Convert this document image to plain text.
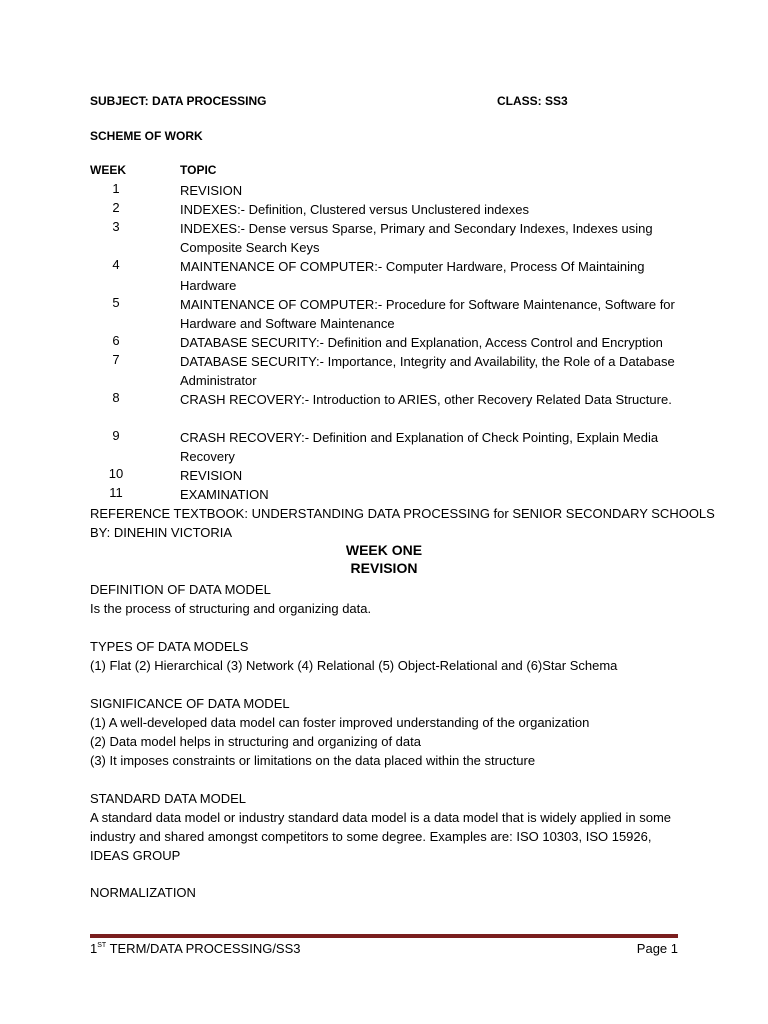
SUBJECT: DATA PROCESSING	CLASS: SS3
SCHEME OF WORK
WEEK	TOPIC
1	REVISION
2	INDEXES:- Definition, Clustered versus Unclustered indexes
3	INDEXES:- Dense versus Sparse, Primary and Secondary Indexes, Indexes using Composite Search Keys
4	MAINTENANCE OF COMPUTER:- Computer Hardware, Process Of Maintaining Hardware
5	MAINTENANCE OF COMPUTER:- Procedure for Software Maintenance, Software for Hardware and Software Maintenance
6	DATABASE SECURITY:- Definition and Explanation, Access Control and Encryption
7	DATABASE SECURITY:- Importance, Integrity and Availability, the Role of a Database Administrator
8	CRASH RECOVERY:- Introduction to ARIES, other Recovery Related Data Structure.
9	CRASH RECOVERY:- Definition and Explanation of Check Pointing, Explain Media Recovery
10	REVISION
11	EXAMINATION
REFERENCE TEXTBOOK: UNDERSTANDING DATA PROCESSING for SENIOR SECONDARY SCHOOLS
BY: DINEHIN VICTORIA
WEEK ONE
REVISION
DEFINITION OF DATA MODEL
Is the process of structuring and organizing data.
TYPES OF DATA MODELS
(1) Flat (2) Hierarchical (3) Network (4) Relational (5) Object-Relational and (6)Star Schema
SIGNIFICANCE OF DATA MODEL
(1) A well-developed data model can foster improved understanding of the organization
(2) Data model helps in structuring and organizing of data
(3) It imposes constraints or limitations on the data placed within the structure
STANDARD DATA MODEL
A standard data model or industry standard data model is a data model that is widely applied in some industry and shared amongst competitors to some degree. Examples are: ISO 10303, ISO 15926, IDEAS GROUP
NORMALIZATION
1ST TERM/DATA PROCESSING/SS3	Page 1
